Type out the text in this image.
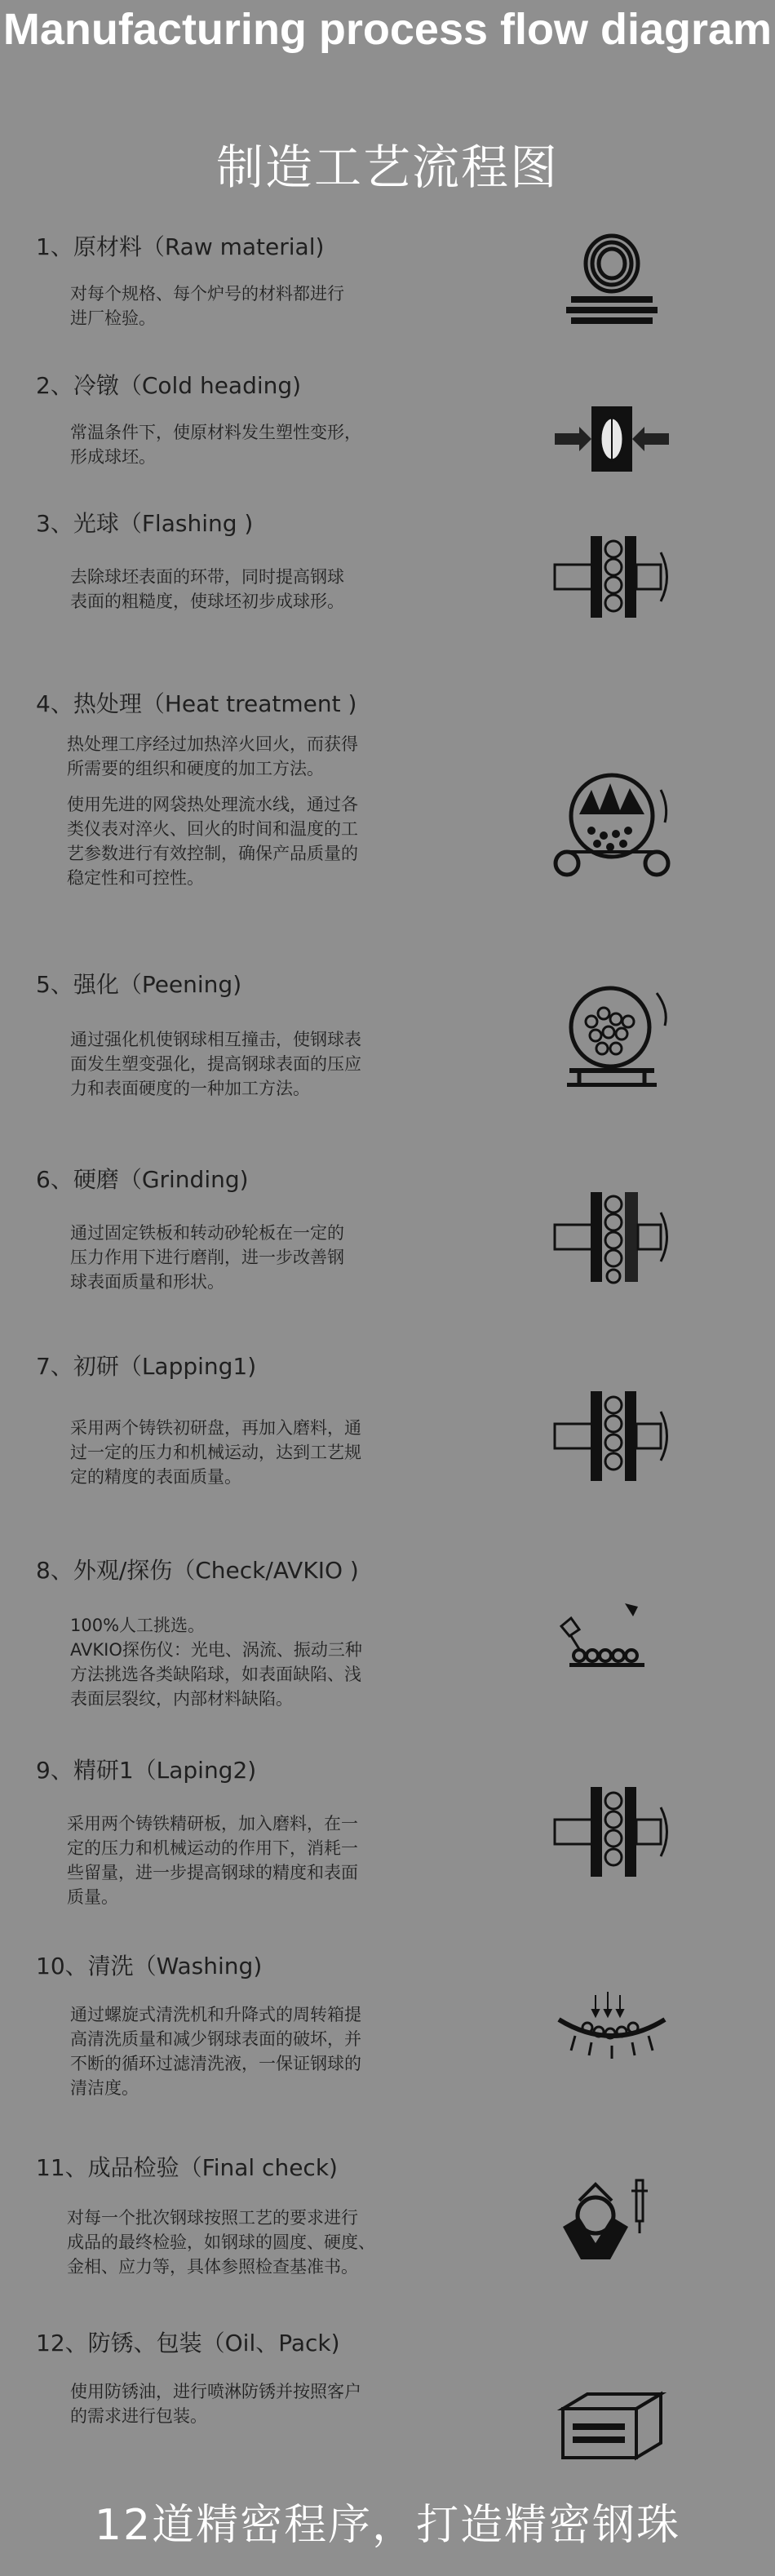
Manufacturing process flow diagram
制造工艺流程图
1、原材料（Raw material)
对每个规格、每个炉号的材料都进行
进厂检验。
2、冷镦（Cold heading)
常温条件下，使原材料发生塑性变形，
形成球坯。
3、光球（Flashing )
去除球坯表面的环带，同时提高钢球
表面的粗糙度，使球坯初步成球形。
4、热处理（Heat treatment )
热处理工序经过加热淬火回火，而获得
所需要的组织和硬度的加工方法。
使用先进的网袋热处理流水线，通过各
类仪表对淬火、回火的时间和温度的工
艺参数进行有效控制，确保产品质量的
稳定性和可控性。
5、强化（Peening)
通过强化机使钢球相互撞击，使钢球表
面发生塑变强化，提高钢球表面的压应
力和表面硬度的一种加工方法。
6、硬磨（Grinding)
通过固定铁板和转动砂轮板在一定的
压力作用下进行磨削，进一步改善钢
球表面质量和形状。
7、初研（Lapping1)
采用两个铸铁初研盘，再加入磨料，通
过一定的压力和机械运动，达到工艺规
定的精度的表面质量。
8、外观/探伤（Check/AVKIO )
100%人工挑选。
AVKIO探伤仪：光电、涡流、振动三种
方法挑选各类缺陷球，如表面缺陷、浅
表面层裂纹，内部材料缺陷。
9、精研1（Laping2)
采用两个铸铁精研板，加入磨料，在一
定的压力和机械运动的作用下，消耗一
些留量，进一步提高钢球的精度和表面
质量。
10、清洗（Washing)
通过螺旋式清洗机和升降式的周转箱提
高清洗质量和减少钢球表面的破坏，并
不断的循环过滤清洗液，一保证钢球的
清洁度。
11、成品检验（Final check)
对每一个批次钢球按照工艺的要求进行
成品的最终检验，如钢球的圆度、硬度、
金相、应力等，具体参照检查基准书。
12、防锈、包装（Oil、Pack)
使用防锈油，进行喷淋防锈并按照客户
的需求进行包装。
12道精密程序，打造精密钢珠
